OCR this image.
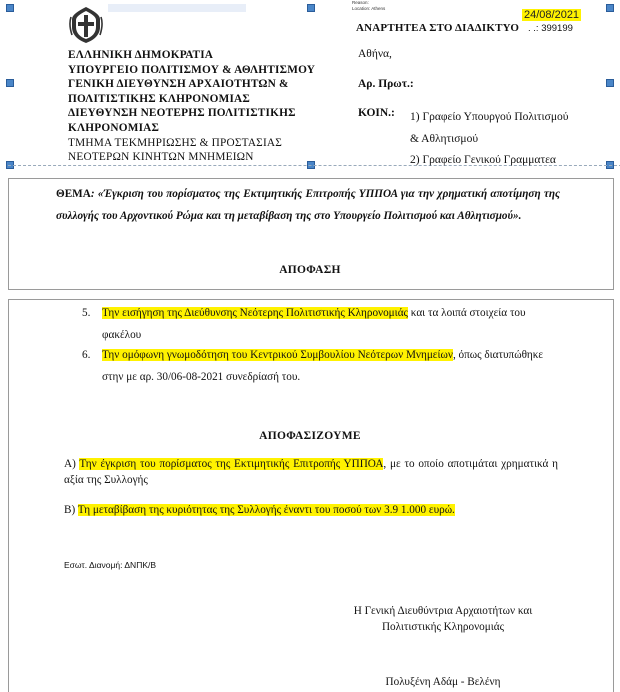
ΕΛΛΗΝΙΚΗ ΔΗΜΟΚΡΑΤΙΑ
ΥΠΟΥΡΓΕΙΟ ΠΟΛΙΤΙΣΜΟΥ & ΑΘΛΗΤΙΣΜΟΥ
ΓΕΝΙΚΗ ΔΙΕΥΘΥΝΣΗ ΑΡΧΑΙΟΤΗΤΩΝ &
ΠΟΛΙΤΙΣΤΙΚΗΣ ΚΛΗΡΟΝΟΜΙΑΣ
ΔΙΕΥΘΥΝΣΗ ΝΕΟΤΕΡΗΣ ΠΟΛΙΤΙΣΤΙΚΗΣ
ΚΛΗΡΟΝΟΜΙΑΣ
ΤΜΗΜΑ ΤΕΚΜΗΡΙΩΣΗΣ & ΠΡΟΣΤΑΣΙΑΣ
ΝΕΟΤΕΡΩΝ ΚΙΝΗΤΩΝ ΜΝΗΜΕΙΩΝ
Reason:
Location: Athens
24/08/2021
ΑΝΑΡΤΗΤΕΑ ΣΤΟ ΔΙΑΔΙΚΤΥΟ . .: 399199
Αθήνα,
Αρ. Πρωτ.:
ΚΟΙΝ.: 1) Γραφείο Υπουργού Πολιτισμού
& Αθλητισμού
2) Γραφείο Γενικού Γραμματεα
ΘΕΜΑ: «Έγκριση του πορίσματος της Εκτιμητικής Επιτροπής ΥΠΠΟΑ για την χρηματική αποτίμηση της συλλογής του Αρχοντικού Ρώμα και τη μεταβίβαση της στο Υπουργείο Πολιτισμού και Αθλητισμού».
ΑΠΟΦΑΣΗ
5. Την εισήγηση της Διεύθυνσης Νεότερης Πολιτιστικής Κληρονομιάς και τα λοιπά στοιχεία του φακέλου
6. Την ομόφωνη γνωμοδότηση του Κεντρικού Συμβουλίου Νεότερων Μνημείων, όπως διατυπώθηκε στην με αρ. 30/06-08-2021 συνεδρίασή του.
ΑΠΟΦΑΣΙΖΟΥΜΕ
Α) Την έγκριση του πορίσματος της Εκτιμητικής Επιτροπής ΥΠΠΟΑ, με το οποίο αποτιμάται χρηματικά η αξία της Συλλογής
Β) Τη μεταβίβαση της κυριότητας της Συλλογής έναντι του ποσού των 3.9 1.000 ευρώ.
Εσωτ. Διανομή: ΔΝΠΚ/Β
Η Γενική Διευθύντρια Αρχαιοτήτων και
Πολιτιστικής Κληρονομιάς
Πολυξένη Αδάμ - Βελένη
